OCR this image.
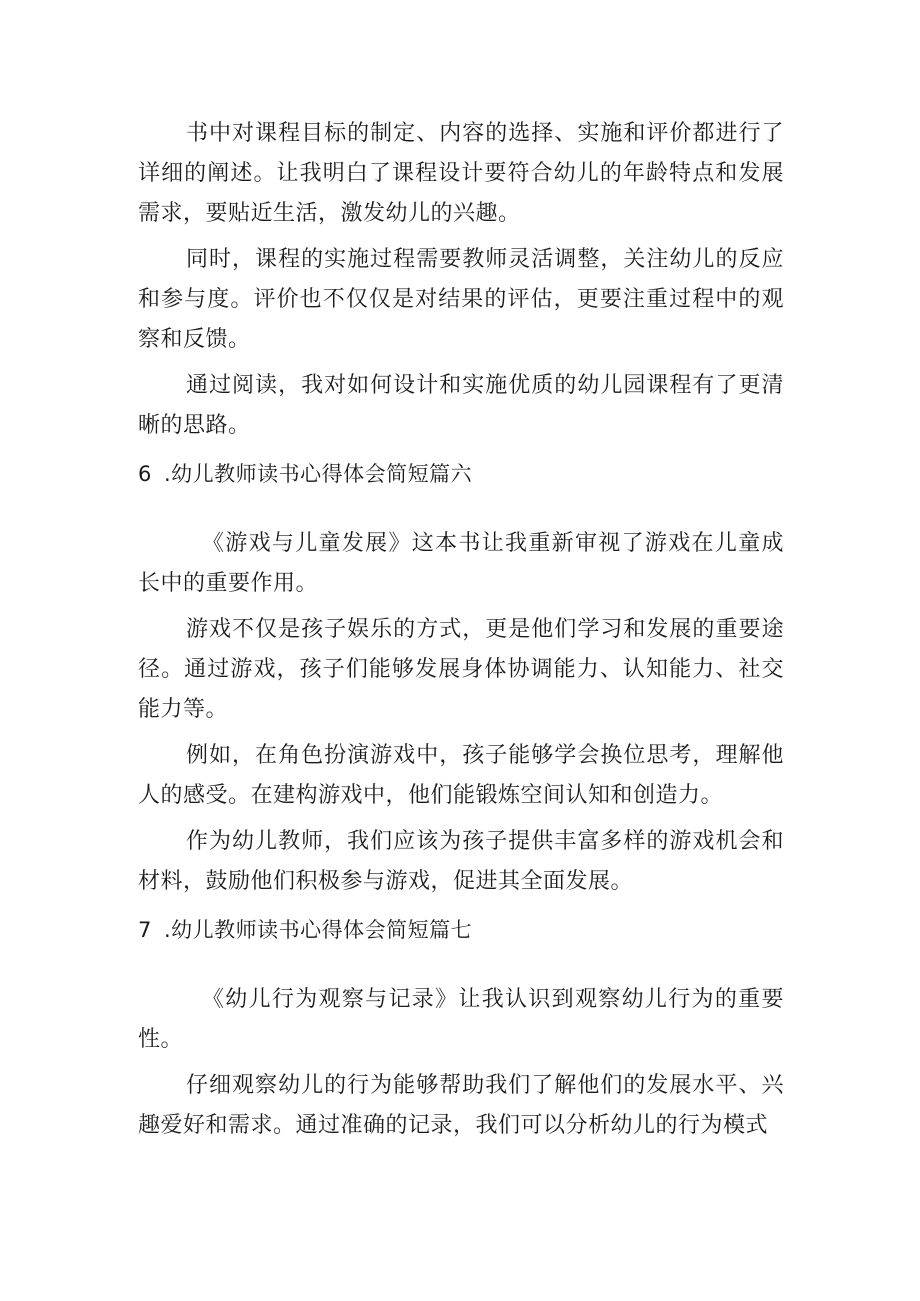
书中对课程目标的制定、内容的选择、实施和评价都进行了详细的阐述。让我明白了课程设计要符合幼儿的年龄特点和发展需求，要贴近生活，激发幼儿的兴趣。

同时，课程的实施过程需要教师灵活调整，关注幼儿的反应和参与度。评价也不仅仅是对结果的评估，更要注重过程中的观察和反馈。

通过阅读，我对如何设计和实施优质的幼儿园课程有了更清晰的思路。

6 .幼儿教师读书心得体会简短篇六

《游戏与儿童发展》这本书让我重新审视了游戏在儿童成长中的重要作用。

游戏不仅是孩子娱乐的方式，更是他们学习和发展的重要途径。通过游戏，孩子们能够发展身体协调能力、认知能力、社交能力等。

例如，在角色扮演游戏中，孩子能够学会换位思考，理解他人的感受。在建构游戏中，他们能锻炼空间认知和创造力。

作为幼儿教师，我们应该为孩子提供丰富多样的游戏机会和材料，鼓励他们积极参与游戏，促进其全面发展。

7 .幼儿教师读书心得体会简短篇七

《幼儿行为观察与记录》让我认识到观察幼儿行为的重要性。

仔细观察幼儿的行为能够帮助我们了解他们的发展水平、兴趣爱好和需求。通过准确的记录，我们可以分析幼儿的行为模式
